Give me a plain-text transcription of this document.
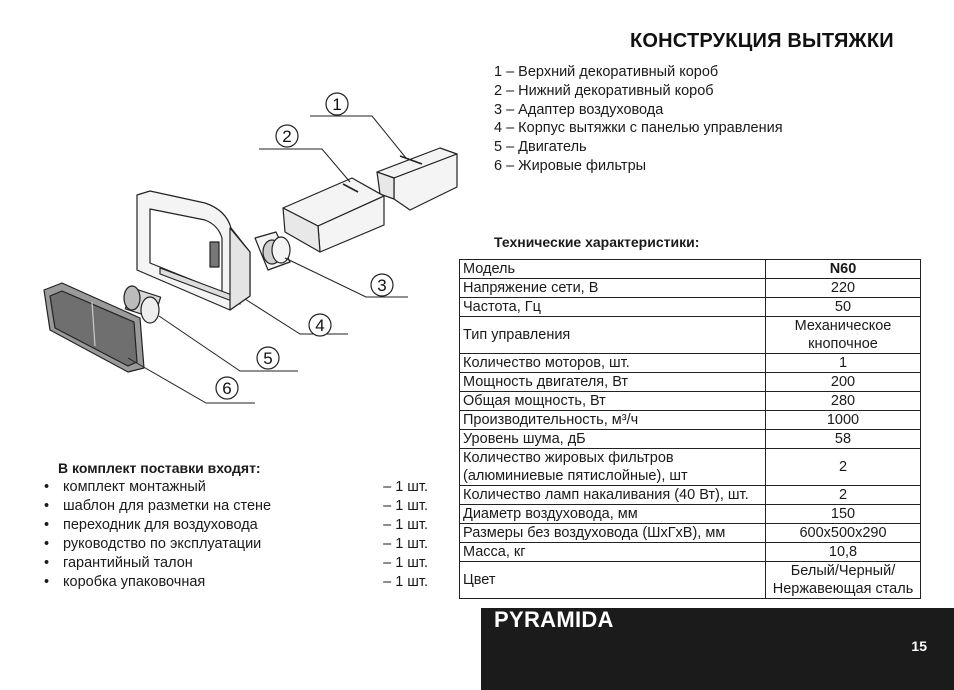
КОНСТРУКЦИЯ ВЫТЯЖКИ
1 – Верхний декоративный короб
2 – Нижний декоративный короб
3 – Адаптер воздуховода
4 – Корпус вытяжки с панелью управления
5 – Двигатель
6 – Жировые фильтры
1
2
3
4
5
6
Технические характеристики:
Модель	N60
Напряжение сети, В	220
Частота, Гц	50
Тип управления	Механическое кнопочное
Количество моторов, шт.	1
Мощность двигателя, Вт	200
Общая мощность, Вт	280
Производительность, м³/ч	1000
Уровень шума, дБ	58
Количество жировых фильтров (алюминиевые пятислойные), шт	2
Количество ламп накаливания (40 Вт), шт.	2
Диаметр воздуховода, мм	150
Размеры без воздуховода (ШхГхВ), мм	600x500x290
Масса, кг	10,8
Цвет	Белый/Черный/ Нержавеющая сталь
В комплект поставки входят:
• комплект монтажный	– 1 шт.
• шаблон для разметки на стене	– 1 шт.
• переходник для воздуховода	– 1 шт.
• руководство по эксплуатации	– 1 шт.
• гарантийный талон	– 1 шт.
• коробка упаковочная	– 1 шт.
PYRAMIDA
15
